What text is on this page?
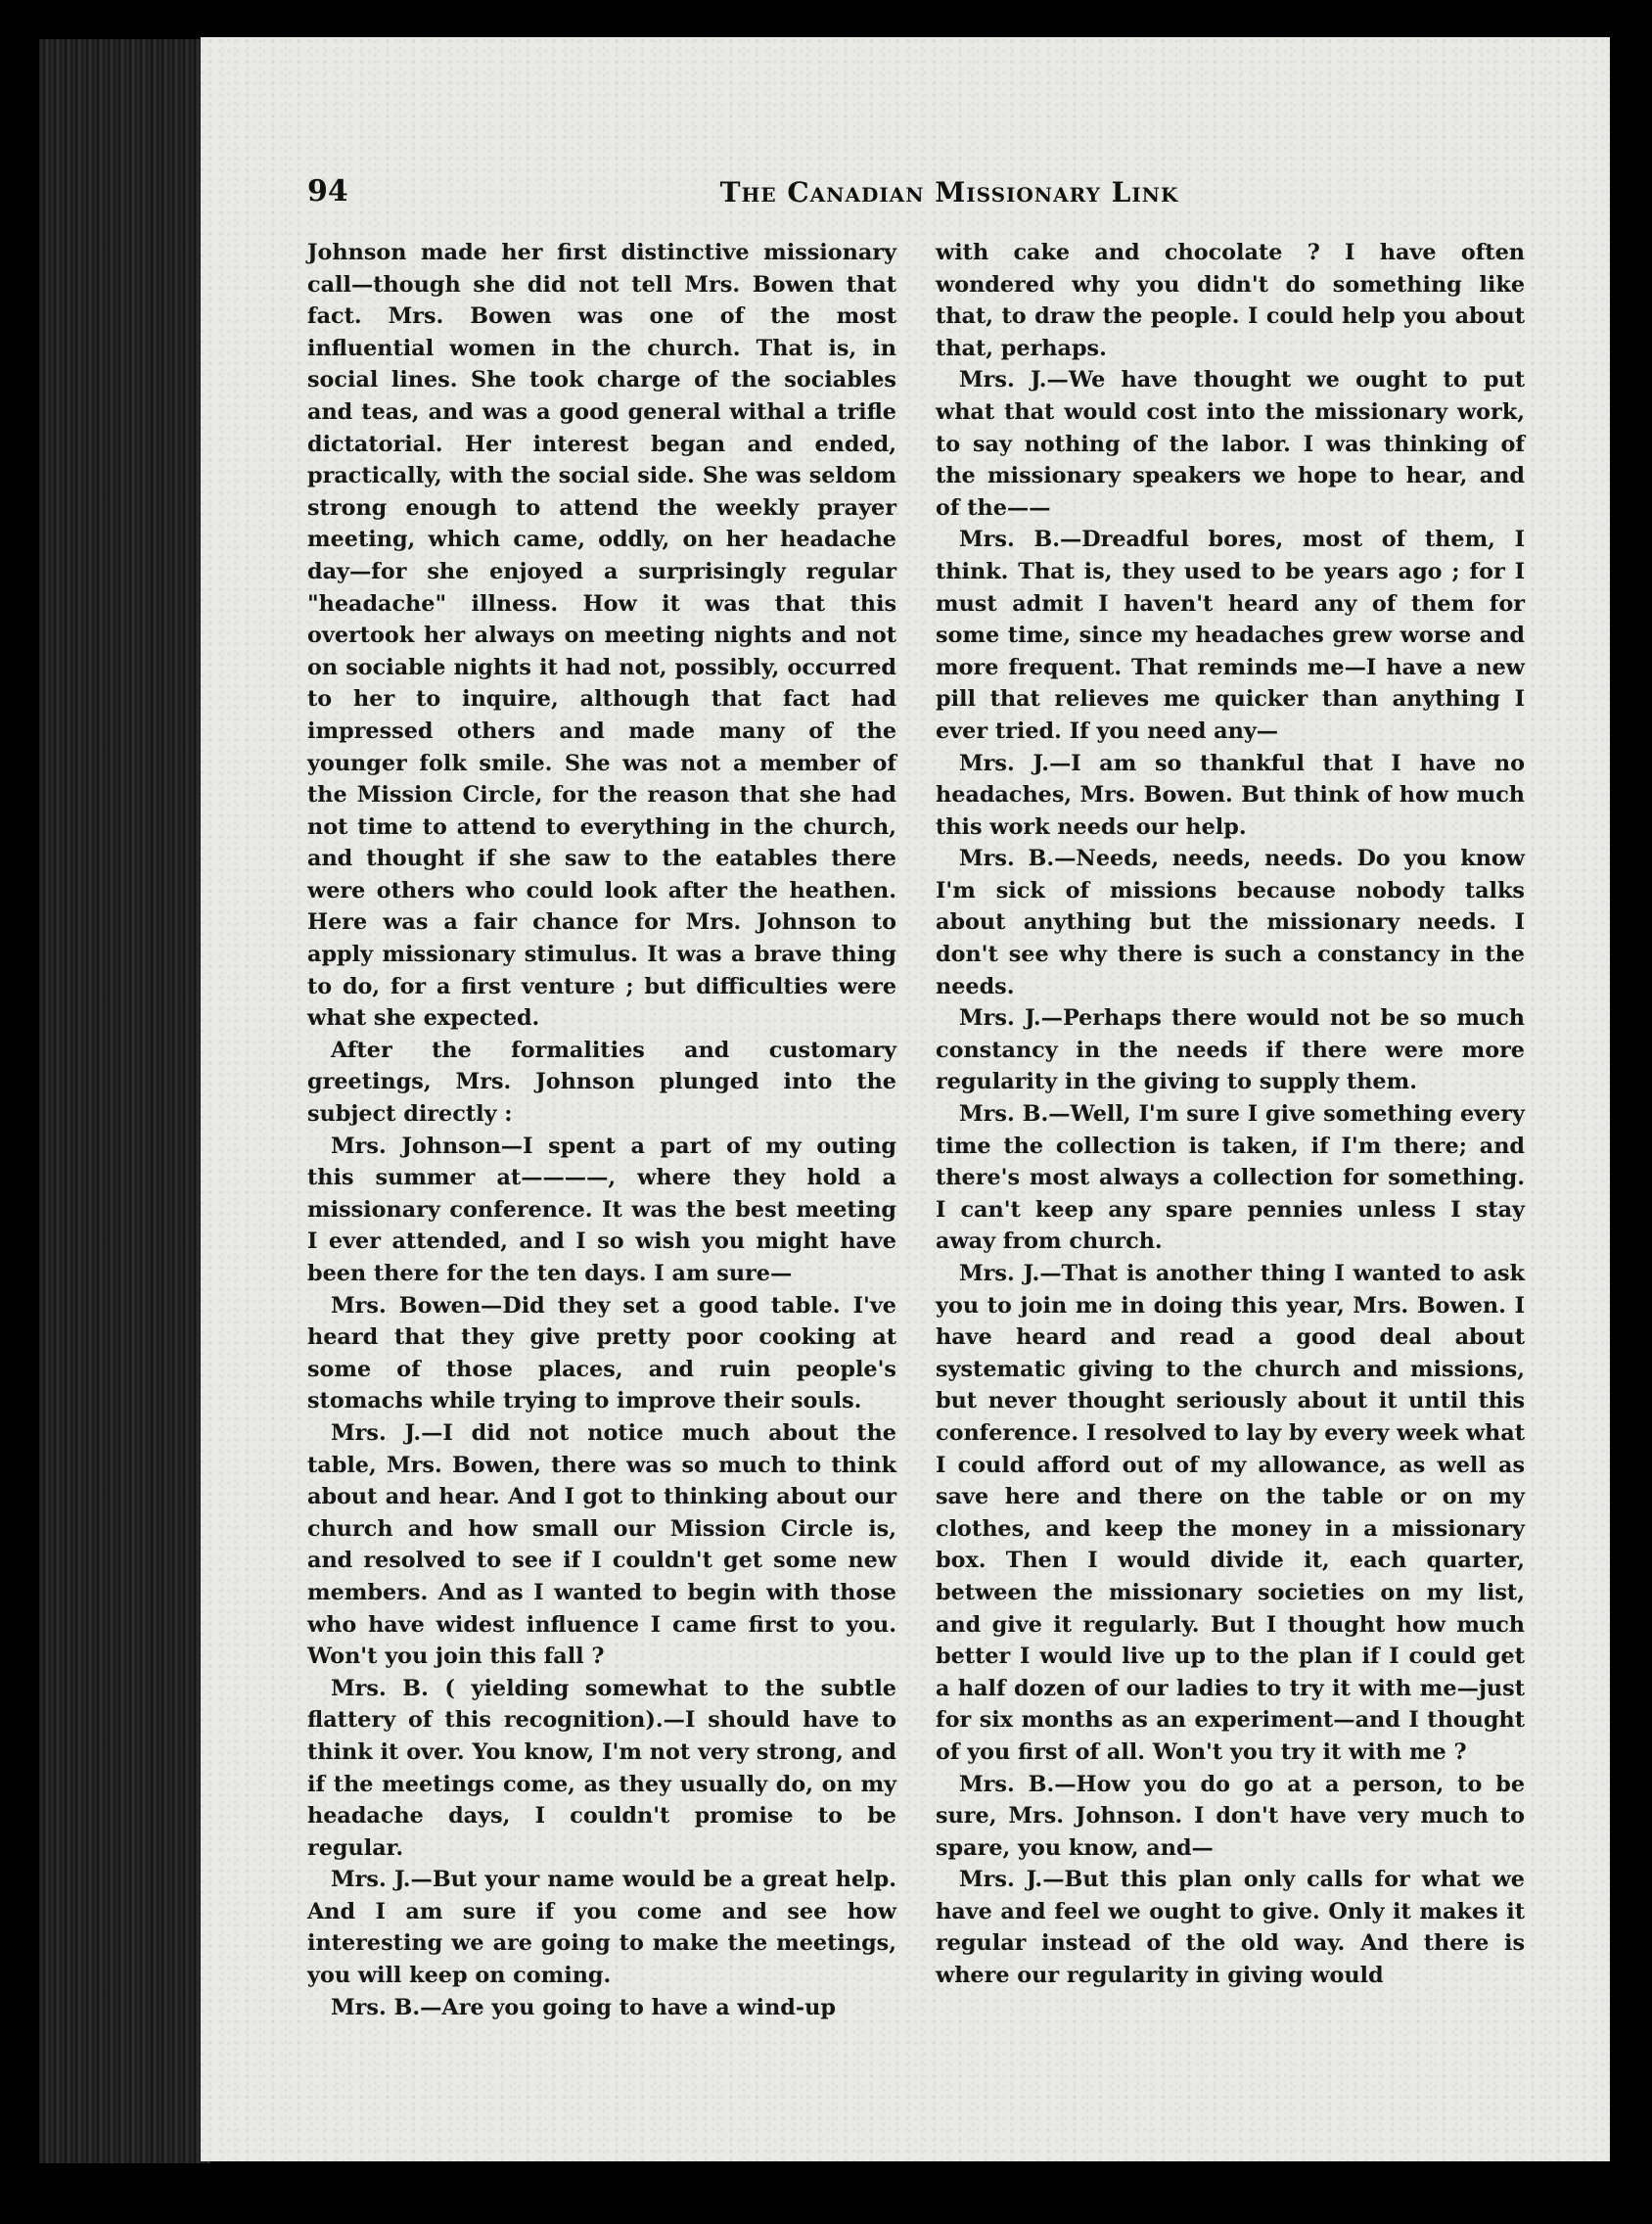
94	The Canadian Missionary Link

Johnson made her first distinctive missionary call—though she did not tell Mrs. Bowen that fact. Mrs. Bowen was one of the most influential women in the church. That is, in social lines. She took charge of the sociables and teas, and was a good general withal a trifle dictatorial. Her interest began and ended, practically, with the social side. She was seldom strong enough to attend the weekly prayer meeting, which came, oddly, on her headache day—for she enjoyed a surprisingly regular "headache" illness. How it was that this overtook her always on meeting nights and not on sociable nights it had not, possibly, occurred to her to inquire, although that fact had impressed others and made many of the younger folk smile. She was not a member of the Mission Circle, for the reason that she had not time to attend to everything in the church, and thought if she saw to the eatables there were others who could look after the heathen. Here was a fair chance for Mrs. Johnson to apply missionary stimulus. It was a brave thing to do, for a first venture ; but difficulties were what she expected.

After the formalities and customary greetings, Mrs. Johnson plunged into the subject directly :

Mrs. Johnson—I spent a part of my outing this summer at————, where they hold a missionary conference. It was the best meeting I ever attended, and I so wish you might have been there for the ten days. I am sure—

Mrs. Bowen—Did they set a good table. I've heard that they give pretty poor cooking at some of those places, and ruin people's stomachs while trying to improve their souls.

Mrs. J.—I did not notice much about the table, Mrs. Bowen, there was so much to think about and hear. And I got to thinking about our church and how small our Mission Circle is, and resolved to see if I couldn't get some new members. And as I wanted to begin with those who have widest influence I came first to you. Won't you join this fall ?

Mrs. B. ( yielding somewhat to the subtle flattery of this recognition).—I should have to think it over. You know, I'm not very strong, and if the meetings come, as they usually do, on my headache days, I couldn't promise to be regular.

Mrs. J.—But your name would be a great help. And I am sure if you come and see how interesting we are going to make the meetings, you will keep on coming.

Mrs. B.—Are you going to have a wind-up

with cake and chocolate ? I have often wondered why you didn't do something like that, to draw the people. I could help you about that, perhaps.

Mrs. J.—We have thought we ought to put what that would cost into the missionary work, to say nothing of the labor. I was thinking of the missionary speakers we hope to hear, and of the——

Mrs. B.—Dreadful bores, most of them, I think. That is, they used to be years ago ; for I must admit I haven't heard any of them for some time, since my headaches grew worse and more frequent. That reminds me—I have a new pill that relieves me quicker than anything I ever tried. If you need any—

Mrs. J.—I am so thankful that I have no headaches, Mrs. Bowen. But think of how much this work needs our help.

Mrs. B.—Needs, needs, needs. Do you know I'm sick of missions because nobody talks about anything but the missionary needs. I don't see why there is such a constancy in the needs.

Mrs. J.—Perhaps there would not be so much constancy in the needs if there were more regularity in the giving to supply them.

Mrs. B.—Well, I'm sure I give something every time the collection is taken, if I'm there; and there's most always a collection for something. I can't keep any spare pennies unless I stay away from church.

Mrs. J.—That is another thing I wanted to ask you to join me in doing this year, Mrs. Bowen. I have heard and read a good deal about systematic giving to the church and missions, but never thought seriously about it until this conference. I resolved to lay by every week what I could afford out of my allowance, as well as save here and there on the table or on my clothes, and keep the money in a missionary box. Then I would divide it, each quarter, between the missionary societies on my list, and give it regularly. But I thought how much better I would live up to the plan if I could get a half dozen of our ladies to try it with me—just for six months as an experiment—and I thought of you first of all. Won't you try it with me ?

Mrs. B.—How you do go at a person, to be sure, Mrs. Johnson. I don't have very much to spare, you know, and—

Mrs. J.—But this plan only calls for what we have and feel we ought to give. Only it makes it regular instead of the old way. And there is where our regularity in giving would
